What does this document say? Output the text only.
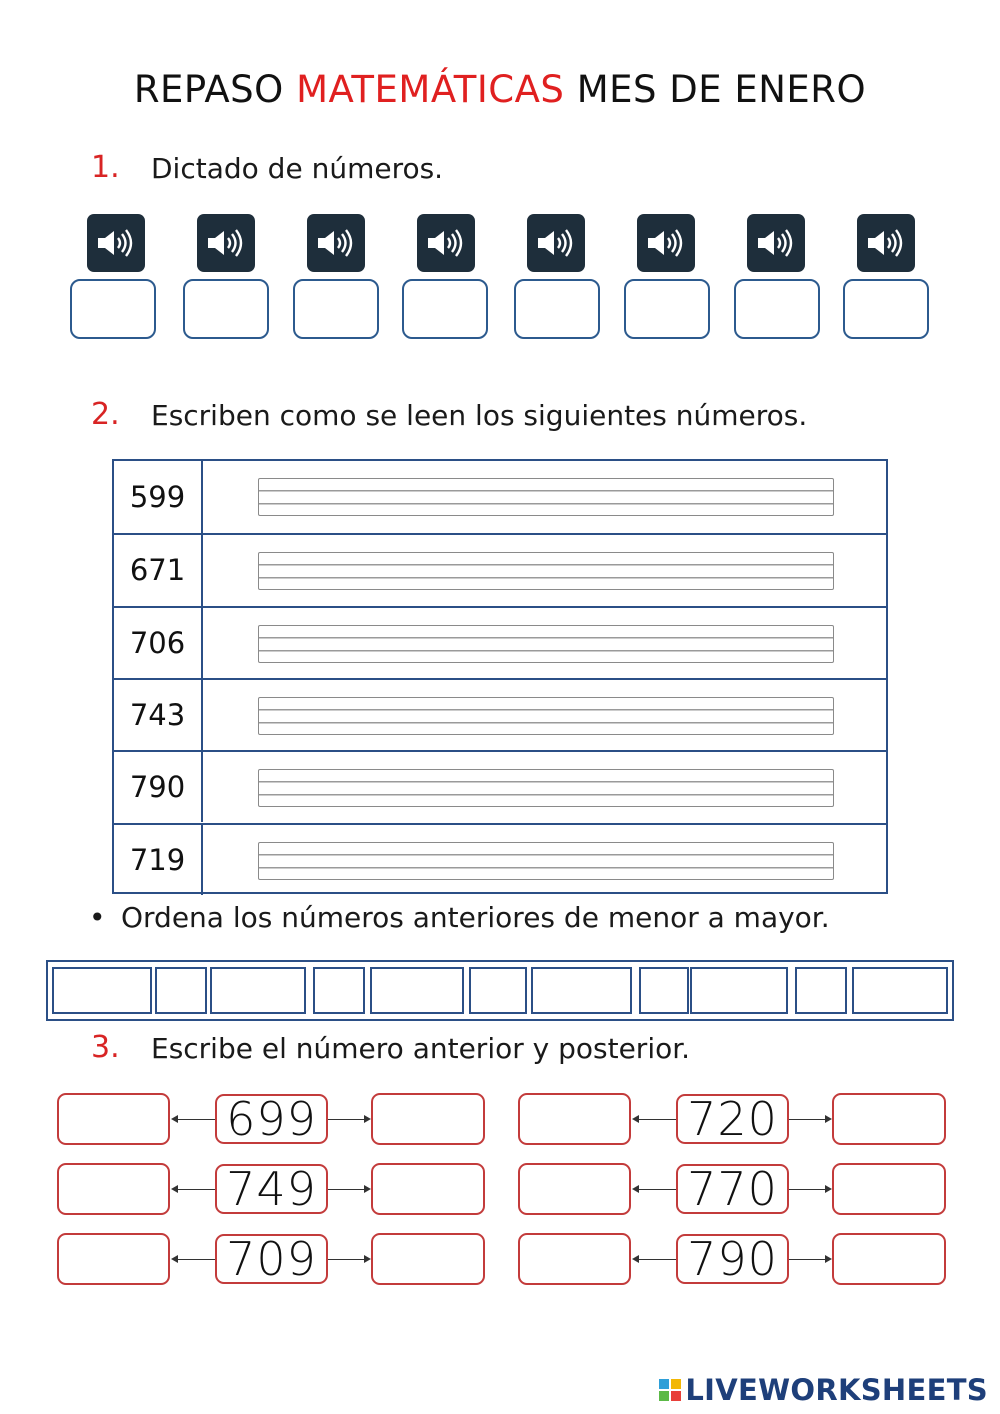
REPASO MATEMÁTICAS MES DE ENERO
1. Dictado de números.
2. Escriben como se leen los siguientes números.
599
671
706
743
790
719
• Ordena los números anteriores de menor a mayor.
3. Escribe el número anterior y posterior.
699
749
709
720
770
790
LIVEWORKSHEETS
